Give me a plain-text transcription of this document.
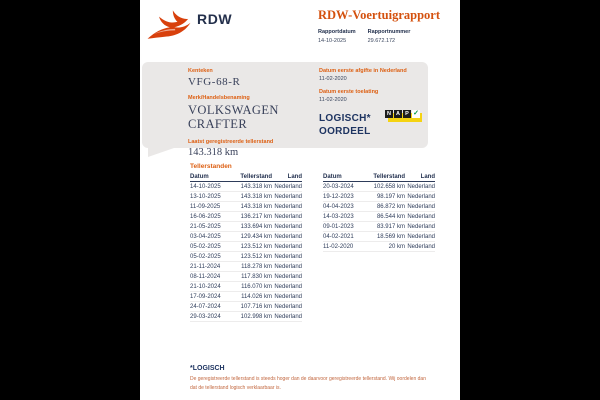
RDW	RDW-Voertuigrapport
Rapportdatum
14-10-2025
Rapportnummer
29.672.172
Kenteken
VFG-68-R
Merk/Handelsbenaming
VOLKSWAGEN
CRAFTER
Laatst geregistreerde tellerstand
143.318 km
Datum eerste afgifte in Nederland
11-02-2020
Datum eerste toelating
11-02-2020
LOGISCH*
OORDEEL
N A P ✓
Tellerstanden
Datum	Tellerstand	Land
14-10-2025	143.318 km Nederland
13-10-2025	143.318 km Nederland
11-09-2025	143.318 km Nederland
16-06-2025	136.217 km Nederland
21-05-2025	133.694 km Nederland
03-04-2025	129.434 km Nederland
05-02-2025	123.512 km Nederland
05-02-2025	123.512 km Nederland
21-11-2024	118.278 km Nederland
08-11-2024	117.830 km Nederland
21-10-2024	116.070 km Nederland
17-09-2024	114.026 km Nederland
24-07-2024	107.716 km Nederland
29-03-2024	102.998 km Nederland
Datum	Tellerstand	Land
20-03-2024	102.658 km Nederland
19-12-2023	98.197 km Nederland
04-04-2023	86.872 km Nederland
14-03-2023	86.544 km Nederland
09-01-2023	83.917 km Nederland
04-02-2021	18.569 km Nederland
11-02-2020	20 km Nederland
*LOGISCH
De geregistreerde tellerstand is steeds hoger dan de daarvoor geregistreerde tellerstand. Wij oordelen dan
dat de tellerstand logisch verklaarbaar is.
